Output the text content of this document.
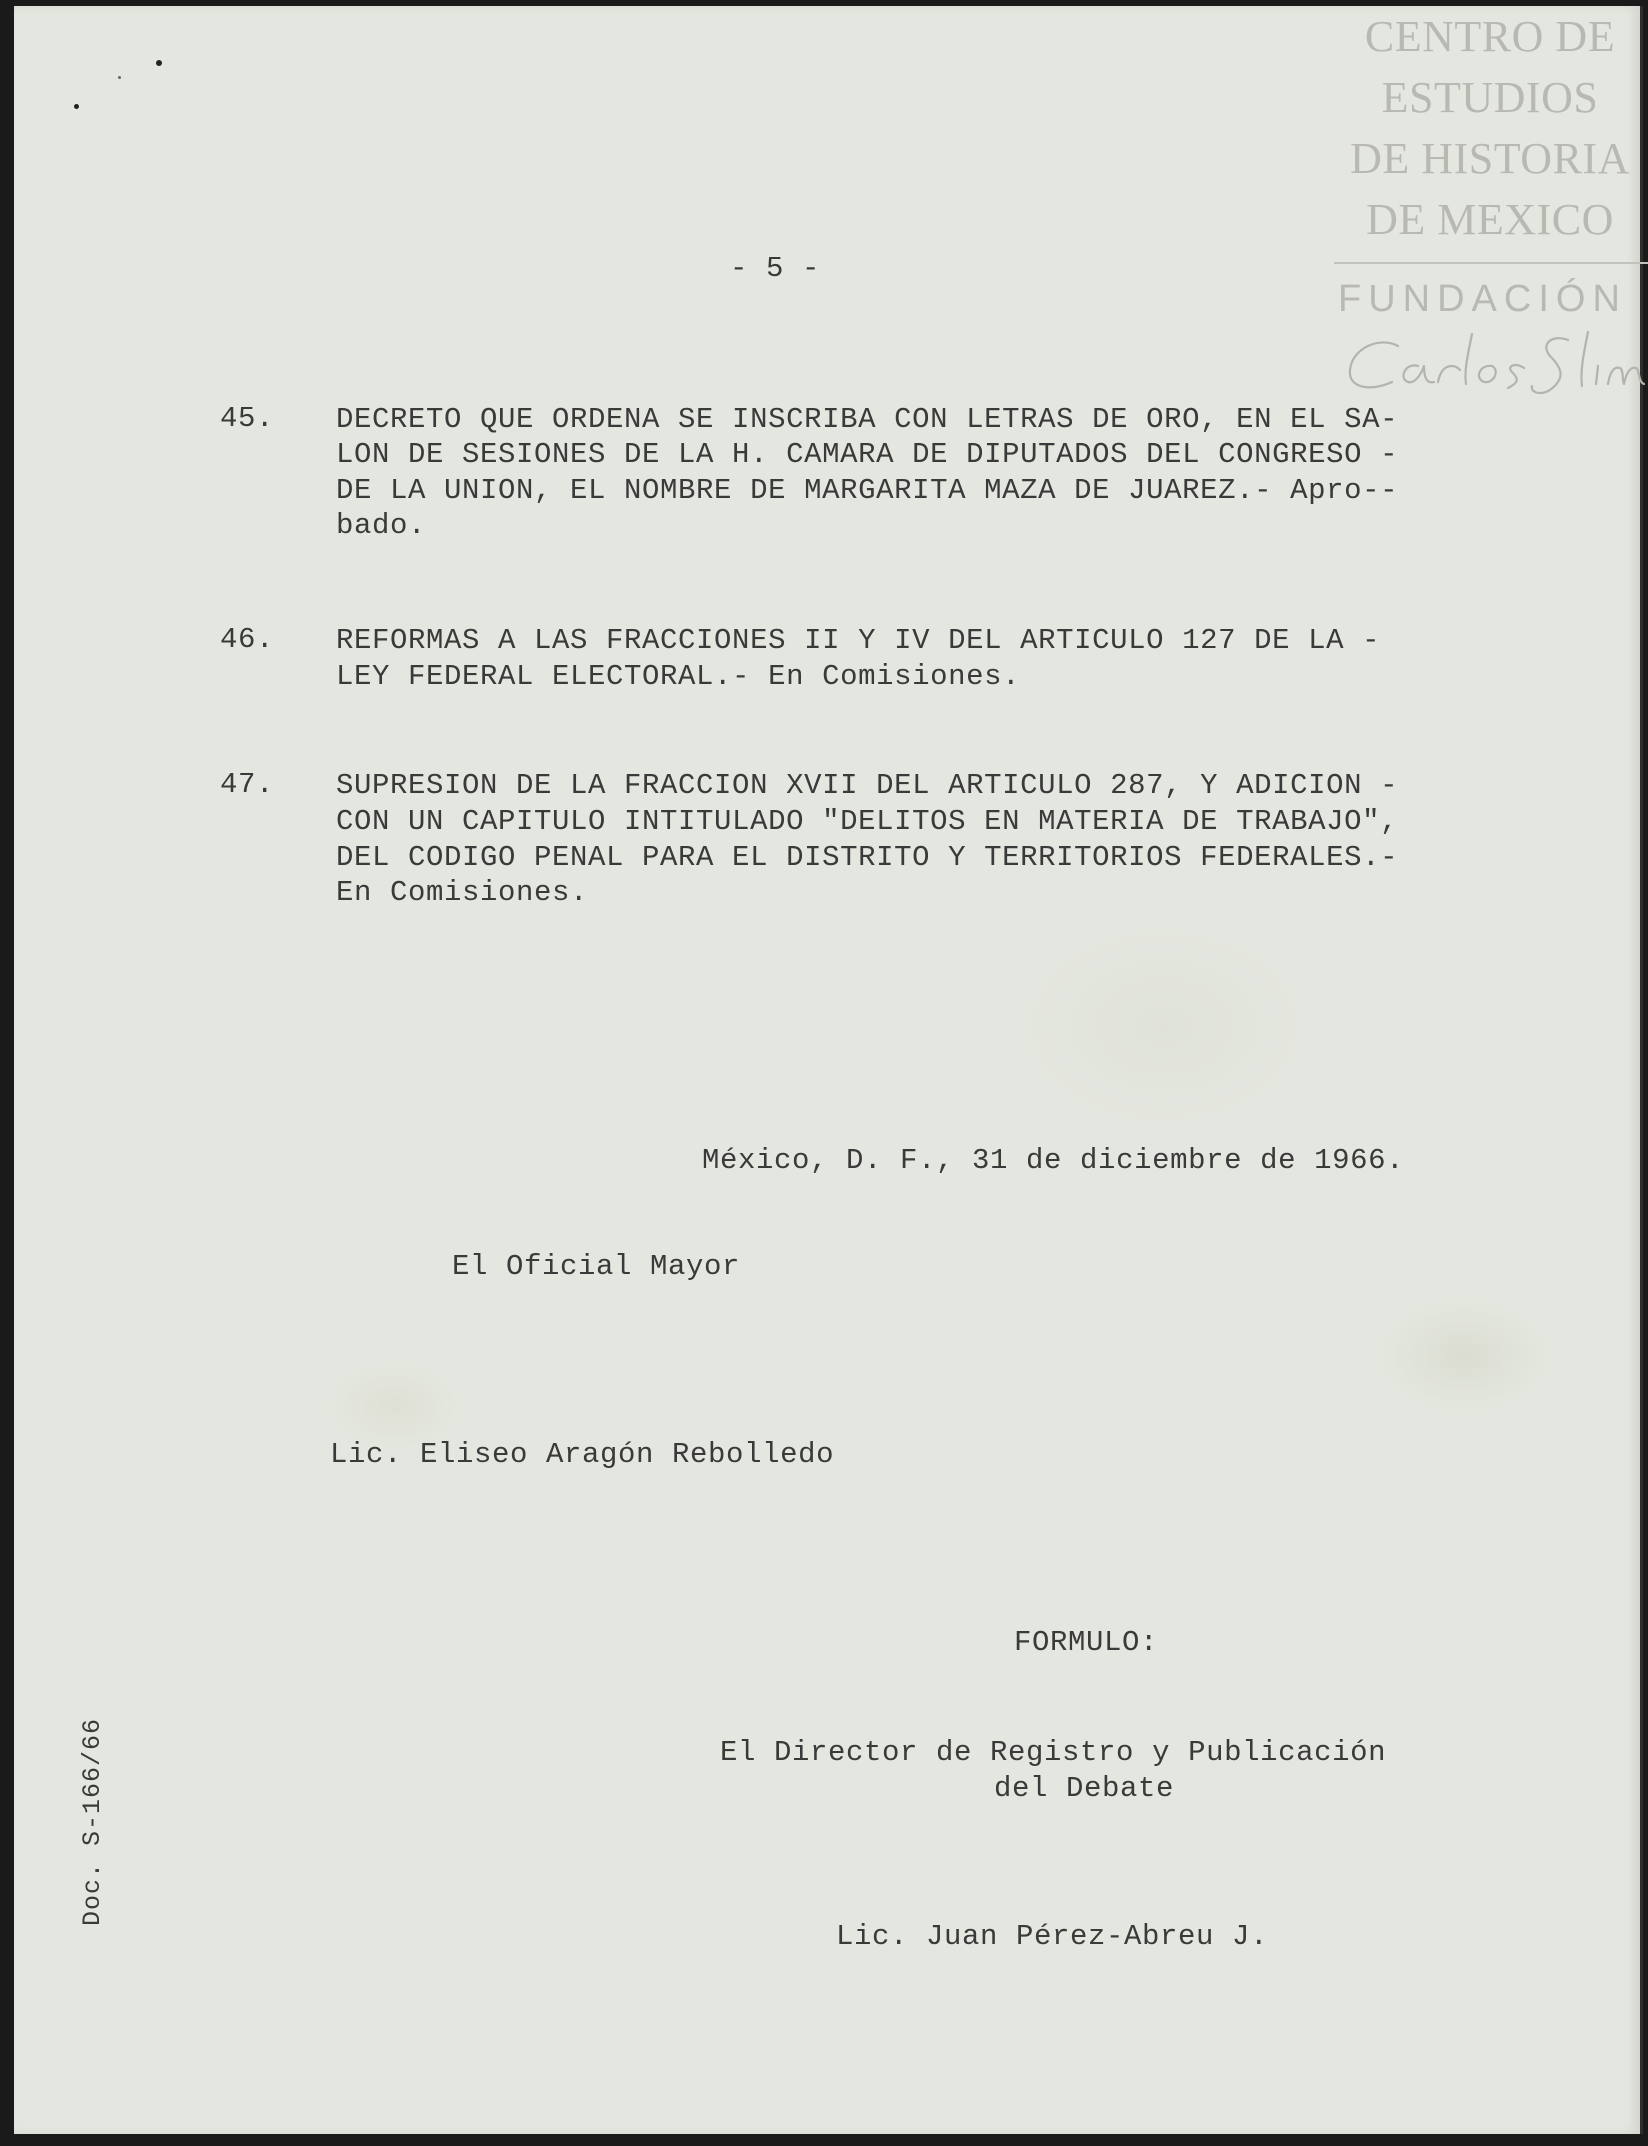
CENTRO DE
ESTUDIOS
DE HISTORIA
DE MEXICO
FUNDACIÓN
- 5 -
45. DECRETO QUE ORDENA SE INSCRIBA CON LETRAS DE ORO, EN EL SA-
LON DE SESIONES DE LA H. CAMARA DE DIPUTADOS DEL CONGRESO -
DE LA UNION, EL NOMBRE DE MARGARITA MAZA DE JUAREZ.- Apro--
bado.
46. REFORMAS A LAS FRACCIONES II Y IV DEL ARTICULO 127 DE LA -
LEY FEDERAL ELECTORAL.- En Comisiones.
47. SUPRESION DE LA FRACCION XVII DEL ARTICULO 287, Y ADICION -
CON UN CAPITULO INTITULADO "DELITOS EN MATERIA DE TRABAJO",
DEL CODIGO PENAL PARA EL DISTRITO Y TERRITORIOS FEDERALES.-
En Comisiones.
México, D. F., 31 de diciembre de 1966.
El Oficial Mayor
Lic. Eliseo Aragón Rebolledo
FORMULO:
El Director de Registro y Publicación
del Debate
Lic. Juan Pérez-Abreu J.
Doc. S-166/66
